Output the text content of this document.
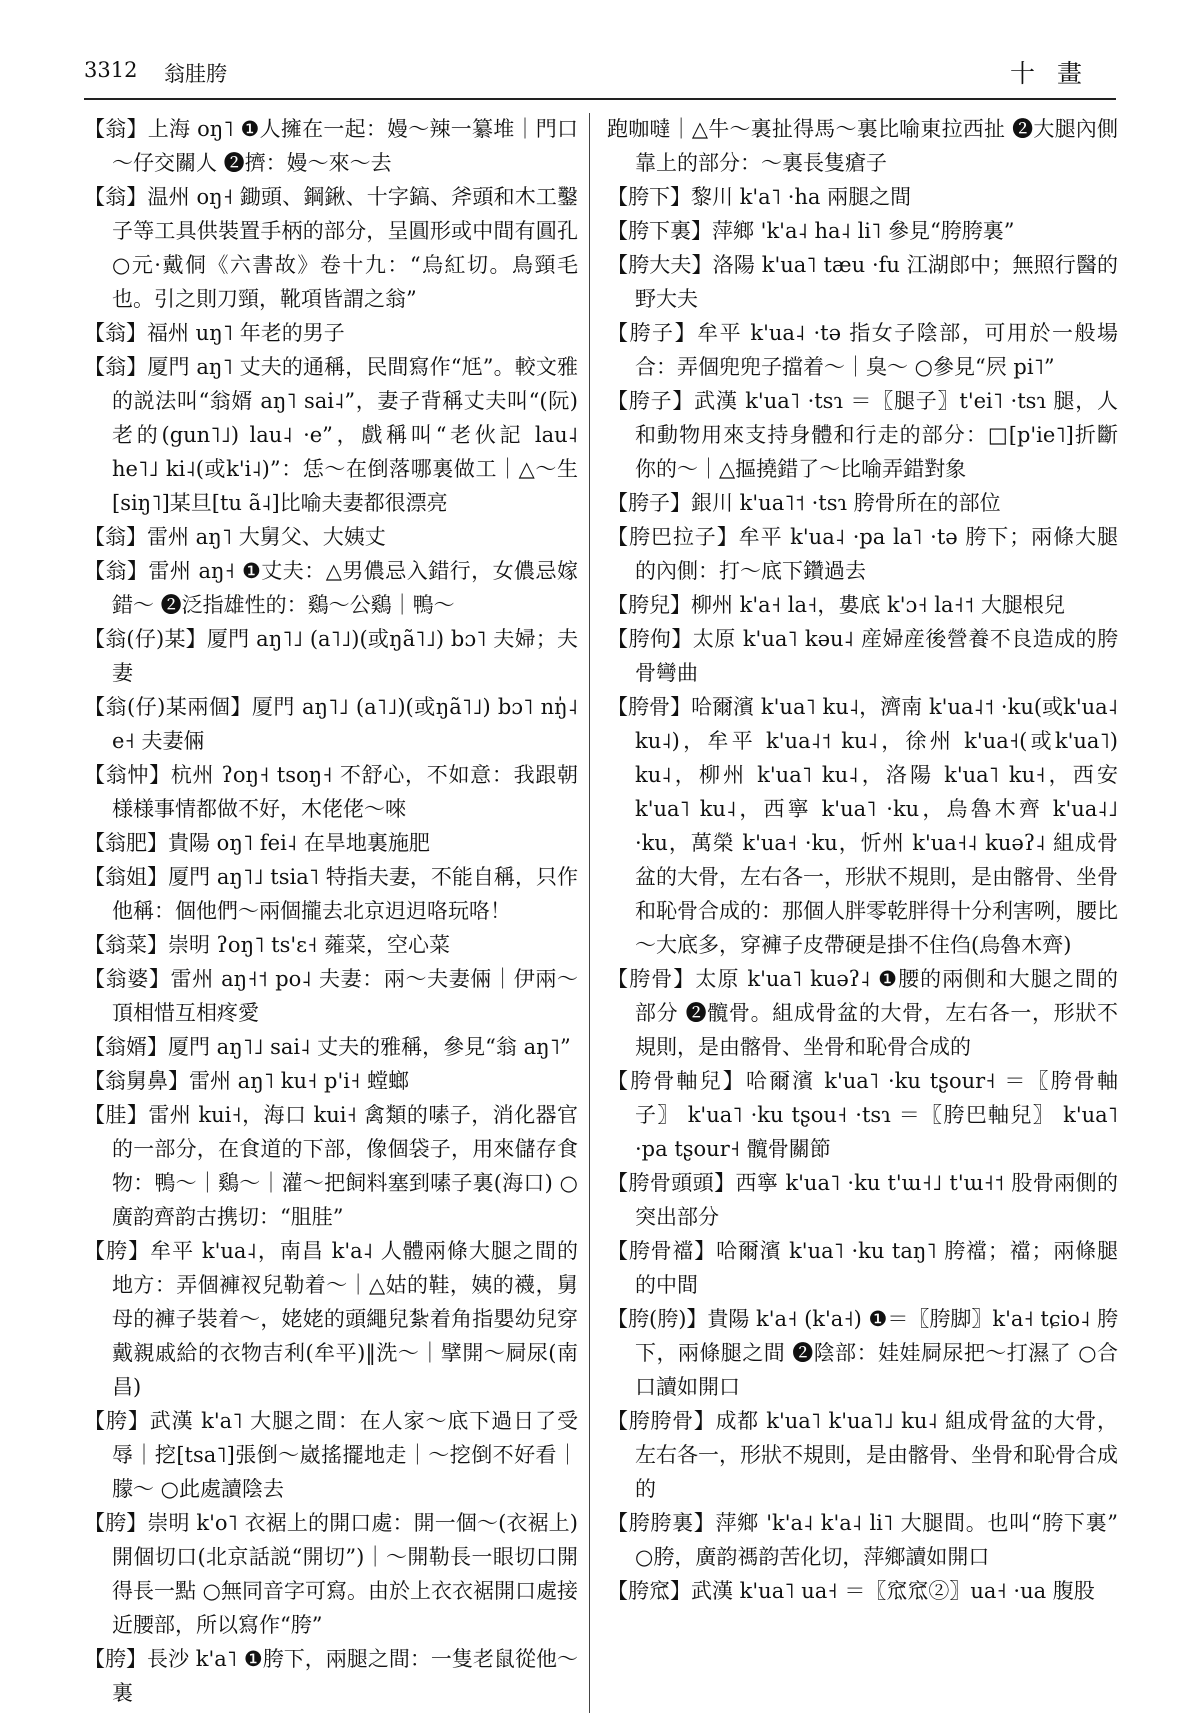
3312 翁胿胯	十畫
【翁】上海 oŋ˥ ❶人擁在一起：嫚～辣一纂堆｜門口～仔交關人 ❷擠：嫚～來～去
【翁】温州 oŋ˧ 鋤頭、鋼鍬、十字鎬、斧頭和木工鑿子等工具供裝置手柄的部分，呈圓形或中間有圓孔 ○元·戴侗《六書故》卷十九：“烏紅切。鳥頸毛也。引之則刀頸，靴項皆謂之翁”
【翁】福州 uŋ˥ 年老的男子
【翁】厦門 aŋ˥ 丈夫的通稱，民間寫作“尪”。較文雅的説法叫“翁婿 aŋ˥ sai˨”，妻子背稱丈夫叫“(阮)老的(gun˥˩) lau˨ ·e”，戲稱叫“老伙記 lau˨ he˥˩ ki˨(或k'i˨)”：恁～在倒落哪裏做工｜△～生[siŋ˥]某旦[tu ã˨]比喻夫妻都很漂亮
【翁】雷州 aŋ˥ 大舅父、大姨丈
【翁】雷州 aŋ˧ ❶丈夫：△男儂忌入錯行，女儂忌嫁錯～ ❷泛指雄性的：鷄～公鷄｜鴨～
【翁(仔)某】厦門 aŋ˥˩ (a˥˩)(或ŋã˥˩) bɔ˥ 夫婦；夫妻
【翁(仔)某兩個】厦門 aŋ˥˩ (a˥˩)(或ŋã˥˩) bɔ˥ nŋ̍˨ e˧ 夫妻倆
【翁忡】杭州 ʔoŋ˧ tsoŋ˧ 不舒心，不如意：我跟朝様様事情都做不好，木佬佬～唻
【翁肥】貴陽 oŋ˥ fei˨ 在旱地裏施肥
【翁姐】厦門 aŋ˥˩ tsia˥ 特指夫妻，不能自稱，只作他稱：個他們～兩個攏去北京迌迌咯玩咯！
【翁菜】崇明 ʔoŋ˥ ts'ɛ˧ 蕹菜，空心菜
【翁婆】雷州 aŋ˧˦ po˨ 夫妻：兩～夫妻倆｜伊兩～頂相惜互相疼愛
【翁婿】厦門 aŋ˥˩ sai˨ 丈夫的雅稱，參見“翁 aŋ˥”
【翁舅鼻】雷州 aŋ˥ ku˧ p'i˧ 螳螂
【胿】雷州 kui˧，海口 kui˧ 禽類的嗉子，消化器官的一部分，在食道的下部，像個袋子，用來儲存食物：鴨～｜鷄～｜灌～把飼料塞到嗉子裏(海口) ○廣韵齊韵古携切：“䏣胿”
【胯】牟平 k'ua˨，南昌 k'a˨ 人體兩條大腿之間的地方：弄個褲衩兒勒着～｜△姑的鞋，姨的襪，舅母的褲子裝着～，姥姥的頭繩兒紮着角指嬰幼兒穿戴親戚給的衣物吉利(牟平)‖洗～｜擘開～屙尿(南昌)
【胯】武漢 k'a˥ 大腿之間：在人家～底下過日了受辱｜挖[tsa˥]張倒～崴搖擺地走｜～挖倒不好看｜朦～ ○此處讀陰去
【胯】崇明 k'o˥ 衣裾上的開口處：開一個～(衣裾上)開個切口(北京話説“開切”)｜～開勒長一眼切口開得長一點 ○無同音字可寫。由於上衣衣裾開口處接近腰部，所以寫作“胯”
【胯】長沙 k'a˥ ❶胯下，兩腿之間：一隻老鼠從他～裏
跑咖噠｜△牛～裏扯得馬～裏比喻東拉西扯 ❷大腿內側靠上的部分：～裏長隻瘡子
【胯下】黎川 k'a˥ ·ha 兩腿之間
【胯下裏】萍鄉 'k'a˨ ha˨ li˥ 參見“胯胯裏”
【胯大夫】洛陽 k'ua˥ tæu ·fu 江湖郎中；無照行醫的野大夫
【胯子】牟平 k'ua˨ ·tə 指女子陰部，可用於一般場合：弄個兜兜子擋着～｜臭～ ○參見“屄 pi˥”
【胯子】武漢 k'ua˥ ·tsɿ ＝〖腿子〗t'ei˥ ·tsɿ 腿，人和動物用來支持身體和行走的部分：□[p'ie˥]折斷你的～｜△摳撓錯了～比喻弄錯對象
【胯子】銀川 k'ua˥˦ ·tsɿ 胯骨所在的部位
【胯巴拉子】牟平 k'ua˨ ·pa la˥ ·tə 胯下；兩條大腿的內側：打～底下鑽過去
【胯兒】柳州 k'a˧ la˧，婁底 k'ɔ˧ la˧˦ 大腿根兒
【胯佝】太原 k'ua˥ kəu˨ 産婦産後營養不良造成的胯骨彎曲
【胯骨】哈爾濱 k'ua˥ ku˨，濟南 k'ua˨˦ ·ku(或k'ua˨ ku˨)，牟平 k'ua˨˦ ku˨，徐州 k'ua˧(或k'ua˥) ku˨，柳州 k'ua˥ ku˨，洛陽 k'ua˥ ku˧，西安 k'ua˥ ku˨，西寧 k'ua˥ ·ku，烏魯木齊 k'ua˨˩ ·ku，萬榮 k'ua˧ ·ku，忻州 k'ua˧˨ kuəʔ˨ 組成骨盆的大骨，左右各一，形狀不規則，是由髂骨、坐骨和恥骨合成的：那個人胖零乾胖得十分利害咧，腰比～大底多，穿褲子皮帶硬是掛不住㑇(烏魯木齊)
【胯骨】太原 k'ua˥ kuəʔ˨ ❶腰的兩側和大腿之間的部分 ❷髖骨。組成骨盆的大骨，左右各一，形狀不規則，是由髂骨、坐骨和恥骨合成的
【胯骨軸兒】哈爾濱 k'ua˥ ·ku tʂour˧ ＝〖胯骨軸子〗 k'ua˥ ·ku tʂou˧ ·tsɿ ＝〖胯巴軸兒〗 k'ua˥ ·pa tʂour˧ 髖骨關節
【胯骨頭頭】西寧 k'ua˥ ·ku t'ɯ˧˩ t'ɯ˧˦ 股骨兩側的突出部分
【胯骨襠】哈爾濱 k'ua˥ ·ku taŋ˥ 胯襠；襠；兩條腿的中間
【胯(胯)】貴陽 k'a˧ (k'a˧) ❶＝〖胯脚〗k'a˧ tɕio˨ 胯下，兩條腿之間 ❷陰部：娃娃屙尿把～打濕了 ○合口讀如開口
【胯胯骨】成都 k'ua˥ k'ua˥˩ ku˨ 組成骨盆的大骨，左右各一，形狀不規則，是由髂骨、坐骨和恥骨合成的
【胯胯裏】萍鄉 'k'a˨ k'a˨ li˥ 大腿間。也叫“胯下裏” ○胯，廣韵禡韵苦化切，萍鄉讀如開口
【胯窊】武漢 k'ua˥ ua˧ ＝〖窊窊②〗ua˧ ·ua 腹股
